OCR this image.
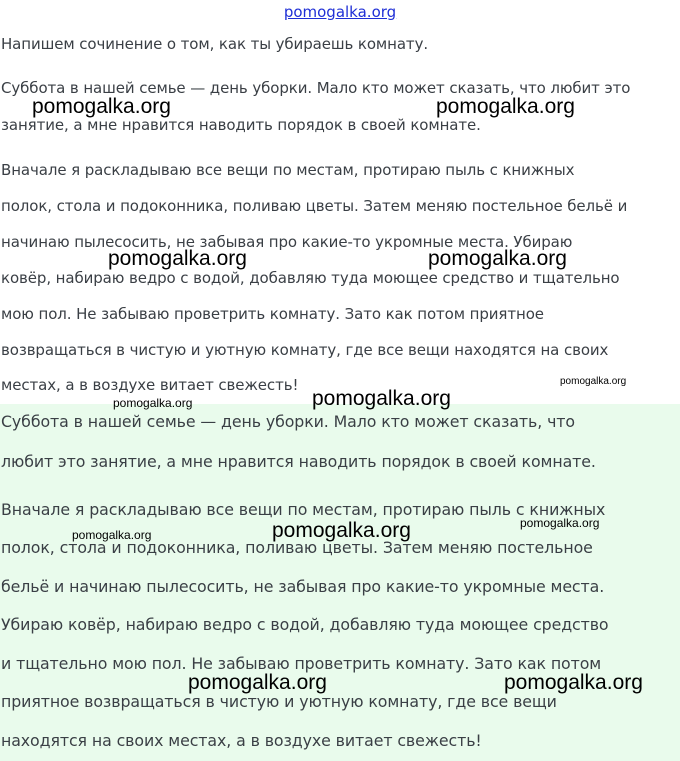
pomogalka.org
Напишем сочинение о том, как ты убираешь комнату.
Суббота в нашей семье — день уборки. Мало кто может сказать, что любит это
занятие, а мне нравится наводить порядок в своей комнате.
Вначале я раскладываю все вещи по местам, протираю пыль с книжных
полок, стола и подоконника, поливаю цветы. Затем меняю постельное бельё и
начинаю пылесосить, не забывая про какие-то укромные места. Убираю
ковёр, набираю ведро с водой, добавляю туда моющее средство и тщательно
мою пол. Не забываю проветрить комнату. Зато как потом приятное
возвращаться в чистую и уютную комнату, где все вещи находятся на своих
местах, а в воздухе витает свежесть!
Суббота в нашей семье — день уборки. Мало кто может сказать, что
любит это занятие, а мне нравится наводить порядок в своей комнате.
Вначале я раскладываю все вещи по местам, протираю пыль с книжных
полок, стола и подоконника, поливаю цветы. Затем меняю постельное
бельё и начинаю пылесосить, не забывая про какие-то укромные места.
Убираю ковёр, набираю ведро с водой, добавляю туда моющее средство
и тщательно мою пол. Не забываю проветрить комнату. Зато как потом
приятное возвращаться в чистую и уютную комнату, где все вещи
находятся на своих местах, а в воздухе витает свежесть!
pomogalka.org	pomogalka.org
pomogalka.org	pomogalka.org
pomogalka.org
pomogalka.org
pomogalka.org
pomogalka.org
pomogalka.org
pomogalka.org
pomogalka.org	pomogalka.org
